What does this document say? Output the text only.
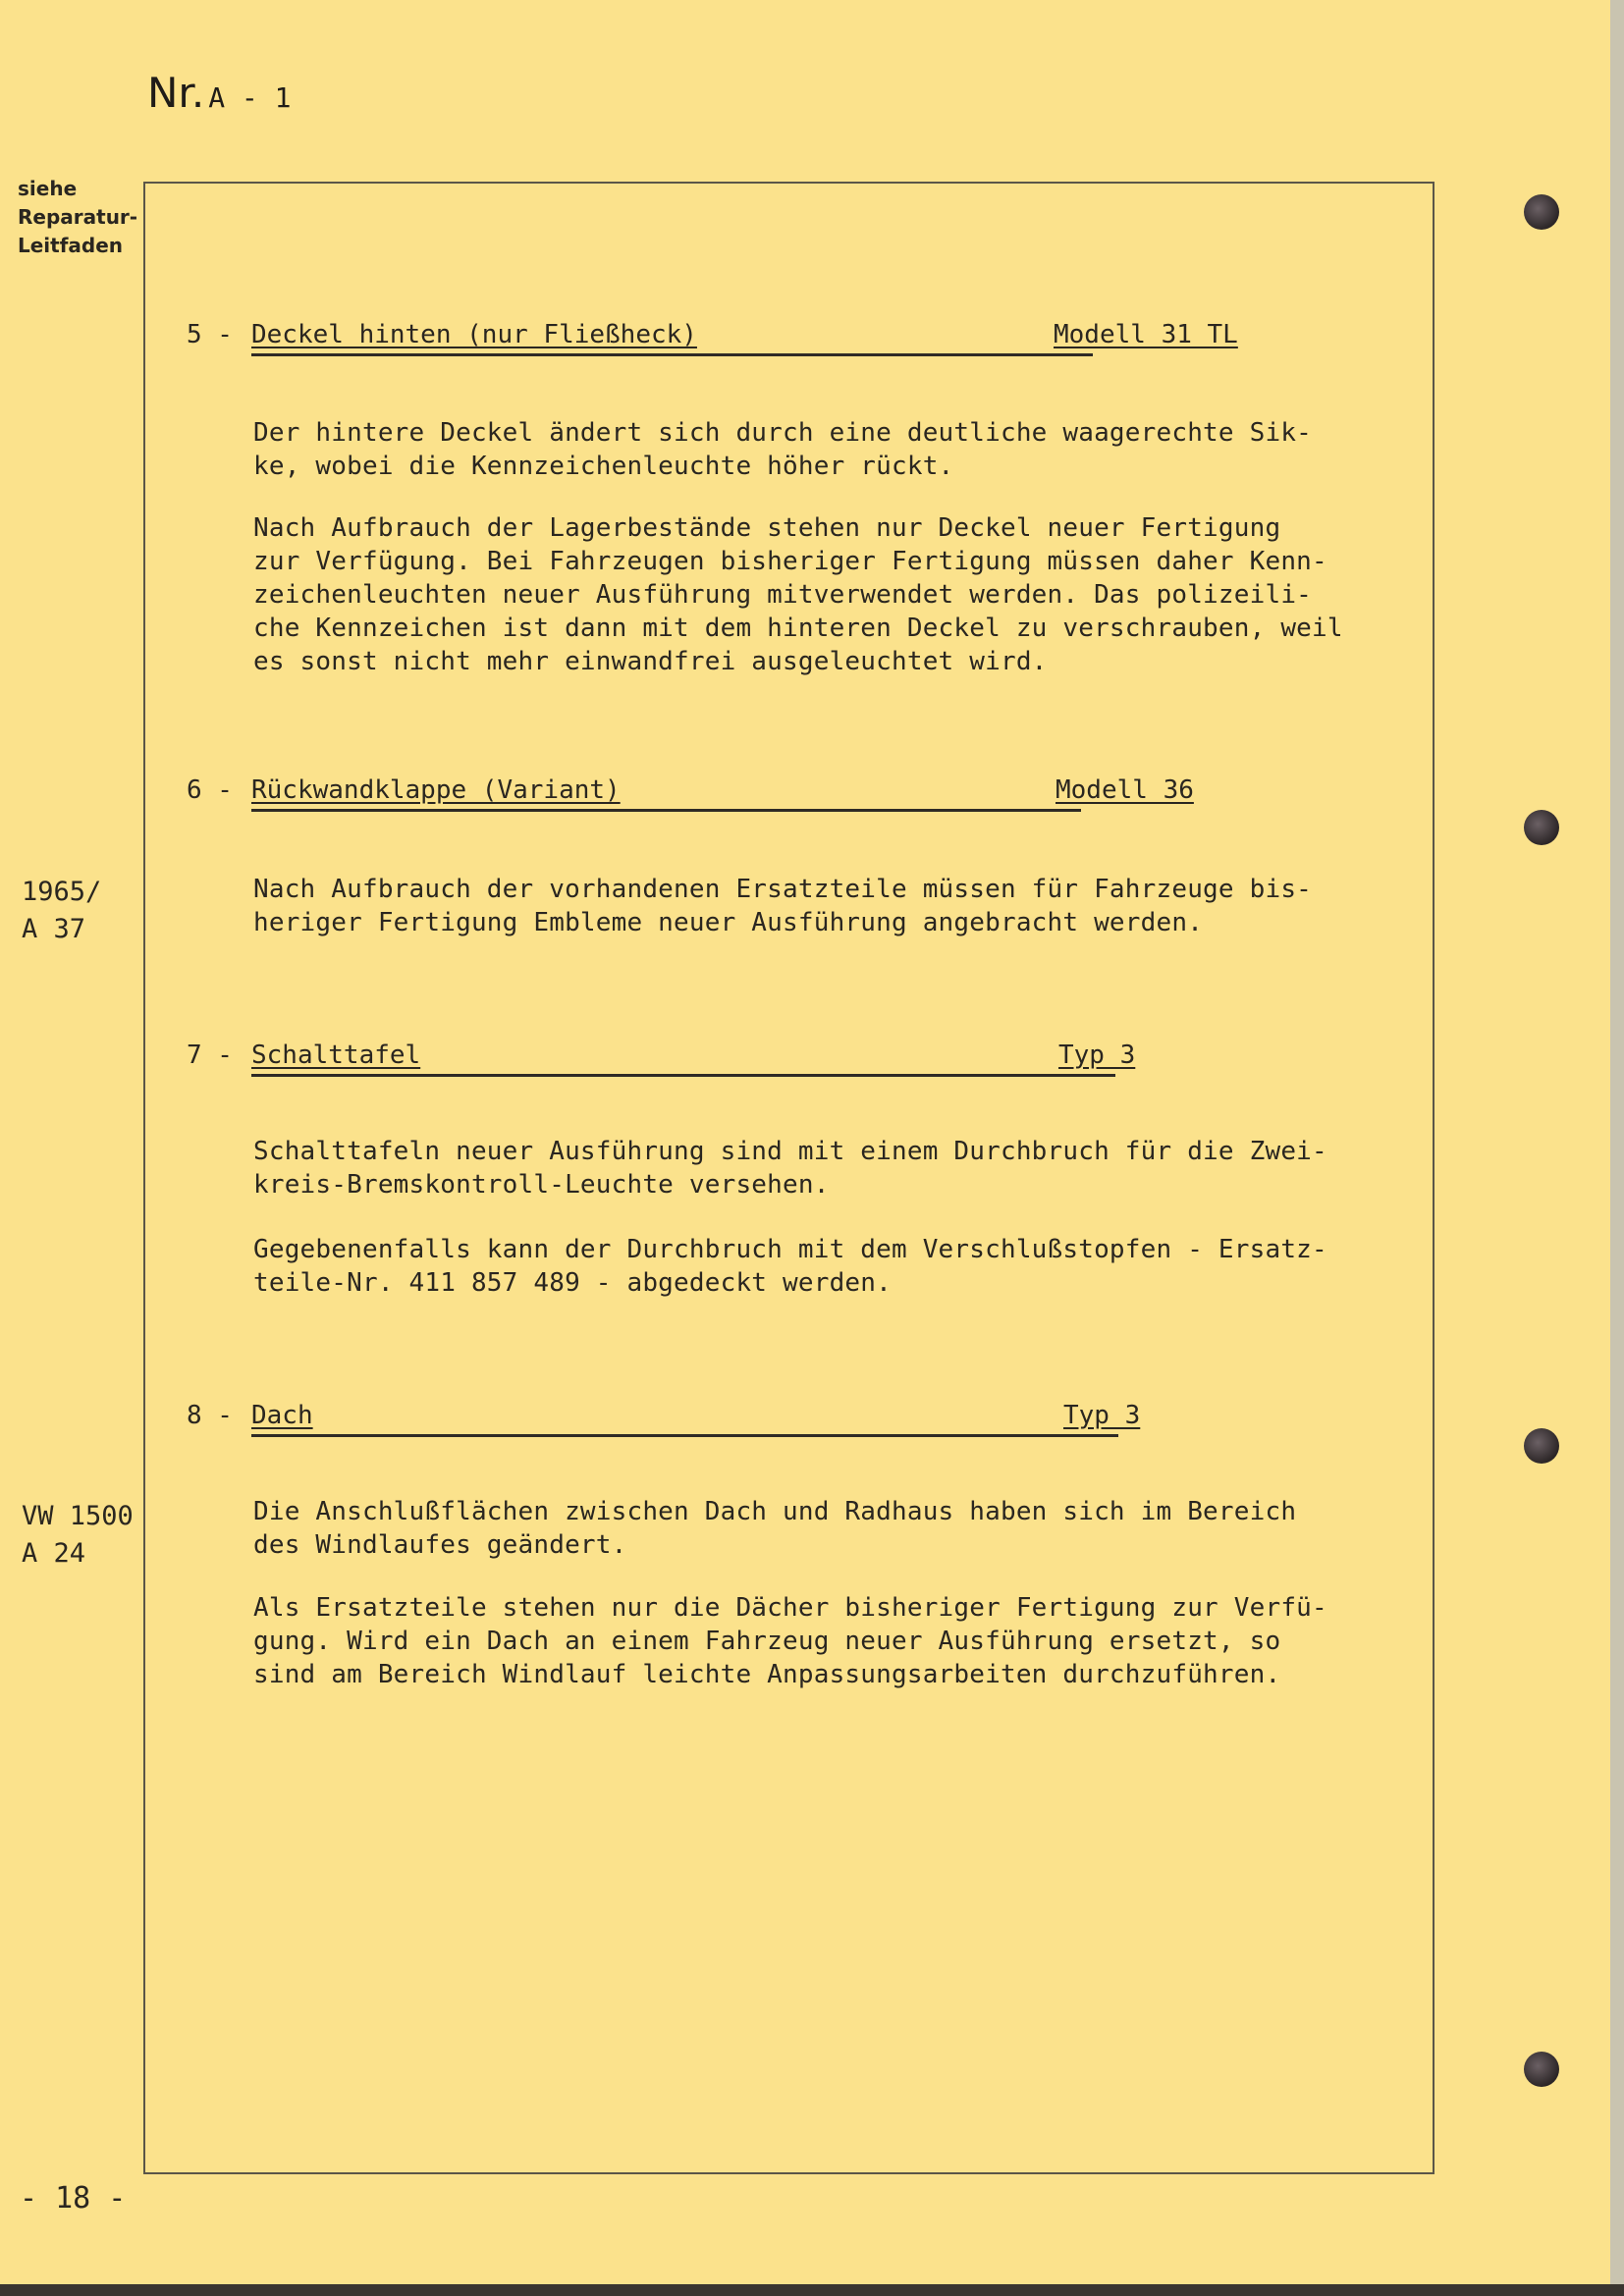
Nr. A - 1
siehe
Reparatur-
Leitfaden
5 - Deckel hinten (nur Fließheck)	Modell 31 TL
Der hintere Deckel ändert sich durch eine deutliche waagerechte Sik-
ke, wobei die Kennzeichenleuchte höher rückt.
Nach Aufbrauch der Lagerbestände stehen nur Deckel neuer Fertigung
zur Verfügung. Bei Fahrzeugen bisheriger Fertigung müssen daher Kenn-
zeichenleuchten neuer Ausführung mitverwendet werden. Das polizeili-
che Kennzeichen ist dann mit dem hinteren Deckel zu verschrauben, weil
es sonst nicht mehr einwandfrei ausgeleuchtet wird.
6 - Rückwandklappe (Variant)	Modell 36
1965/
A 37
Nach Aufbrauch der vorhandenen Ersatzteile müssen für Fahrzeuge bis-
heriger Fertigung Embleme neuer Ausführung angebracht werden.
7 - Schalttafel	Typ 3
Schalttafeln neuer Ausführung sind mit einem Durchbruch für die Zwei-
kreis-Bremskontroll-Leuchte versehen.
Gegebenenfalls kann der Durchbruch mit dem Verschlußstopfen - Ersatz-
teile-Nr. 411 857 489 - abgedeckt werden.
8 - Dach	Typ 3
VW 1500
A 24
Die Anschlußflächen zwischen Dach und Radhaus haben sich im Bereich
des Windlaufes geändert.
Als Ersatzteile stehen nur die Dächer bisheriger Fertigung zur Verfü-
gung. Wird ein Dach an einem Fahrzeug neuer Ausführung ersetzt, so
sind am Bereich Windlauf leichte Anpassungsarbeiten durchzuführen.
- 18 -
